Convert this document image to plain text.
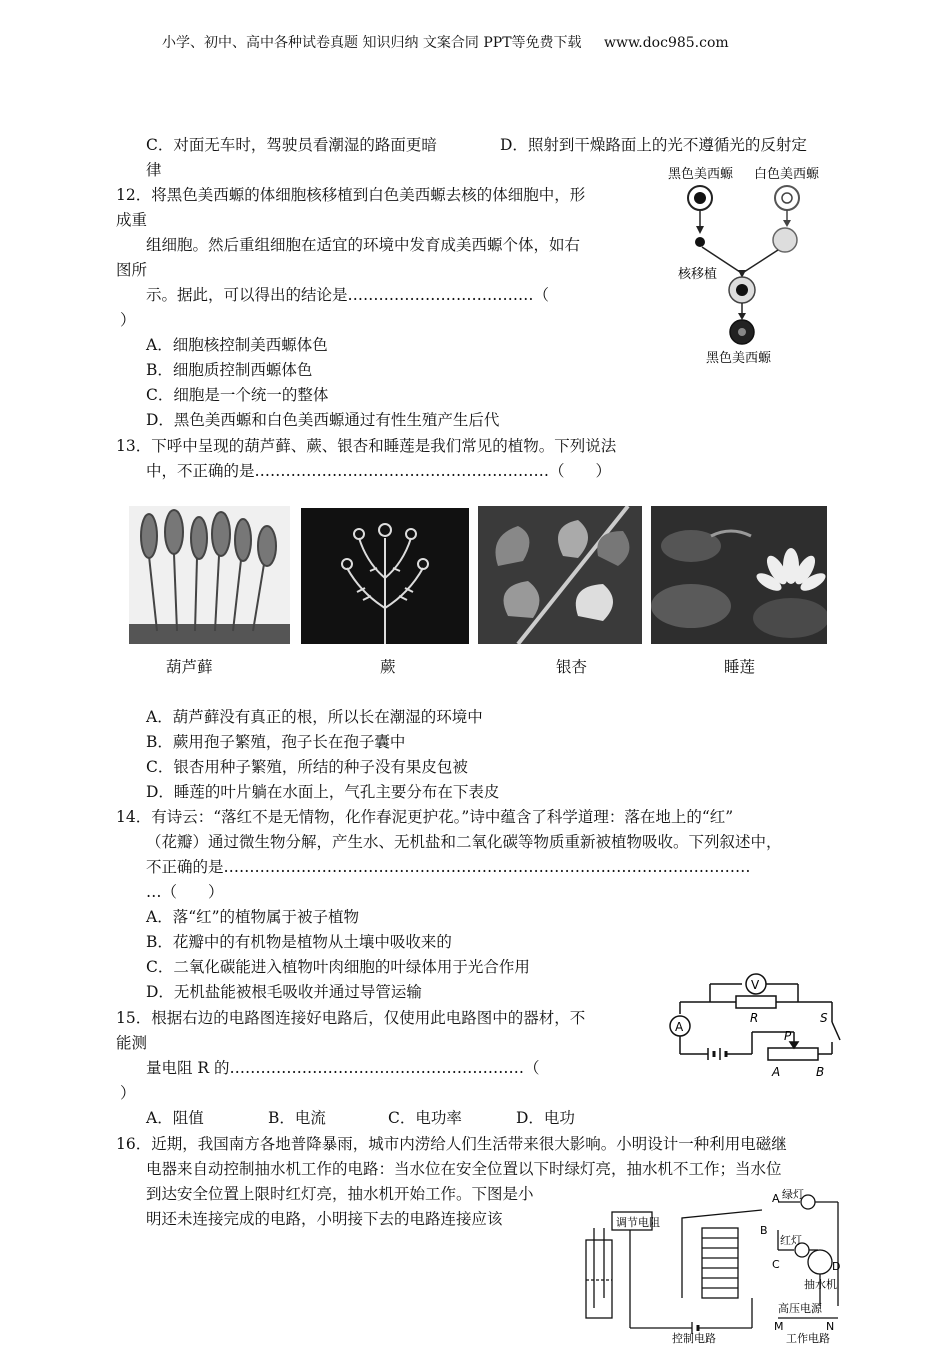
小学、初中、高中各种试卷真题 知识归纳 文案合同 PPT等免费下载 www.doc985.com
C．对面无车时，驾驶员看潮湿的路面更暗	D．照射到干燥路面上的光不遵循光的反射定
律
12．将黑色美西螈的体细胞核移植到白色美西螈去核的体细胞中，形
成重
组细胞。然后重组细胞在适宜的环境中发育成美西螈个体，如右
图所
示。据此，可以得出的结论是………………………………（
）
A．细胞核控制美西螈体色
B．细胞质控制西螈体色
C．细胞是一个统一的整体
D．黑色美西螈和白色美西螈通过有性生殖产生后代
黑色美西螈 白色美西螈
核移植
黑色美西螈
13．下呼中呈现的葫芦藓、蕨、银杏和睡莲是我们常见的植物。下列说法
中，不正确的是…………………………………………………（　　）
葫芦藓	蕨	银杏	睡莲
A．葫芦藓没有真正的根，所以长在潮湿的环境中
B．蕨用孢子繁殖，孢子长在孢子囊中
C．银杏用种子繁殖，所结的种子没有果皮包被
D．睡莲的叶片躺在水面上，气孔主要分布在下表皮
14．有诗云：“落红不是无情物，化作春泥更护花。”诗中蕴含了科学道理：落在地上的“红”
（花瓣）通过微生物分解，产生水、无机盐和二氧化碳等物质重新被植物吸收。下列叙述中，
不正确的是…………………………………………………………………………………………
…（　　）
A．落“红”的植物属于被子植物
B．花瓣中的有机物是植物从土壤中吸收来的
C．二氧化碳能进入植物叶肉细胞的叶绿体用于光合作用
D．无机盐能被根毛吸收并通过导管运输
15．根据右边的电路图连接好电路后，仅使用此电路图中的器材，不
能测
量电阻 R 的…………………………………………………（
）
A．阻值	B．电流	C．电功率	D．电功
V
A
R	S
P
A	B
16．近期，我国南方各地普降暴雨，城市内涝给人们生活带来很大影响。小明设计一种利用电磁继
电器来自动控制抽水机工作的电路：当水位在安全位置以下时绿灯亮，抽水机不工作；当水位
到达安全位置上限时红灯亮，抽水机开始工作。下图是小
明还未连接完成的电路，小明接下去的电路连接应该	调节电阻
绿灯
红灯
抽水机
高压电源
控制电路	工作电路
A
B
C	D
M	N
